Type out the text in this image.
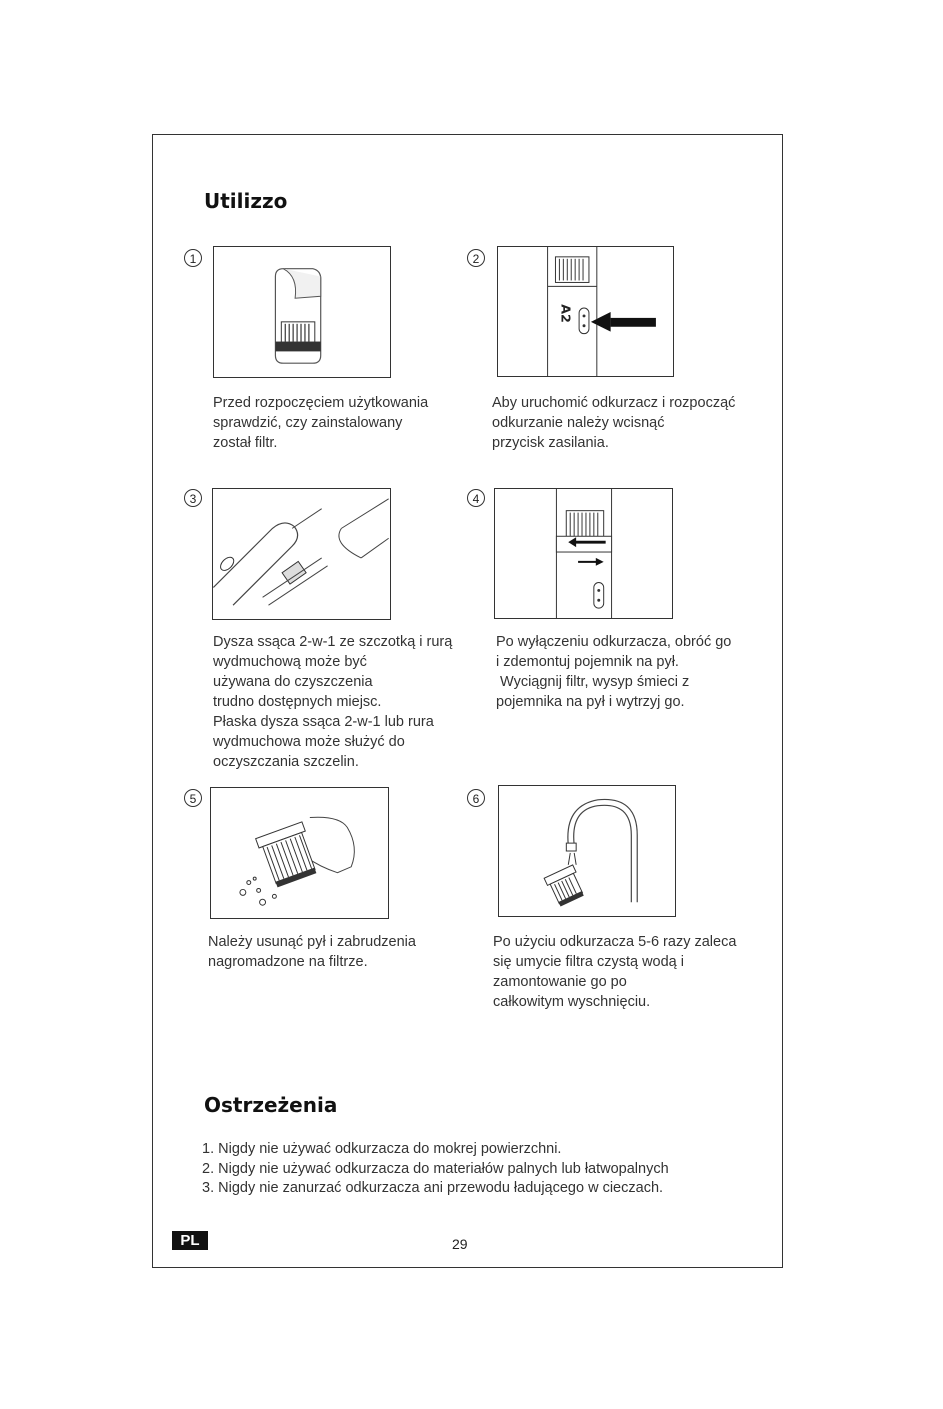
Utilizzo
1
Przed rozpoczęciem użytkowania
sprawdzić, czy zainstalowany
został filtr.
2
A2
Aby uruchomić odkurzacz i rozpocząć
odkurzanie należy wcisnąć
przycisk zasilania.
3
Dysza ssąca 2-w-1 ze szczotką i rurą
wydmuchową może być
używana do czyszczenia
trudno dostępnych miejsc.
Płaska dysza ssąca 2-w-1 lub rura
wydmuchowa może służyć do
oczyszczania szczelin.
4
Po wyłączeniu odkurzacza, obróć go
i zdemontuj pojemnik na pył.
Wyciągnij filtr, wysyp śmieci z
pojemnika na pył i wytrzyj go.
5
Należy usunąć pył i zabrudzenia
nagromadzone na filtrze.
6
Po użyciu odkurzacza 5-6 razy zaleca
się umycie filtra czystą wodą i
zamontowanie go po
całkowitym wyschnięciu.
Ostrzeżenia
1. Nigdy nie używać odkurzacza do mokrej powierzchni.
2. Nigdy nie używać odkurzacza do materiałów palnych lub łatwopalnych
3. Nigdy nie zanurzać odkurzacza ani przewodu ładującego w cieczach.
PL	29
